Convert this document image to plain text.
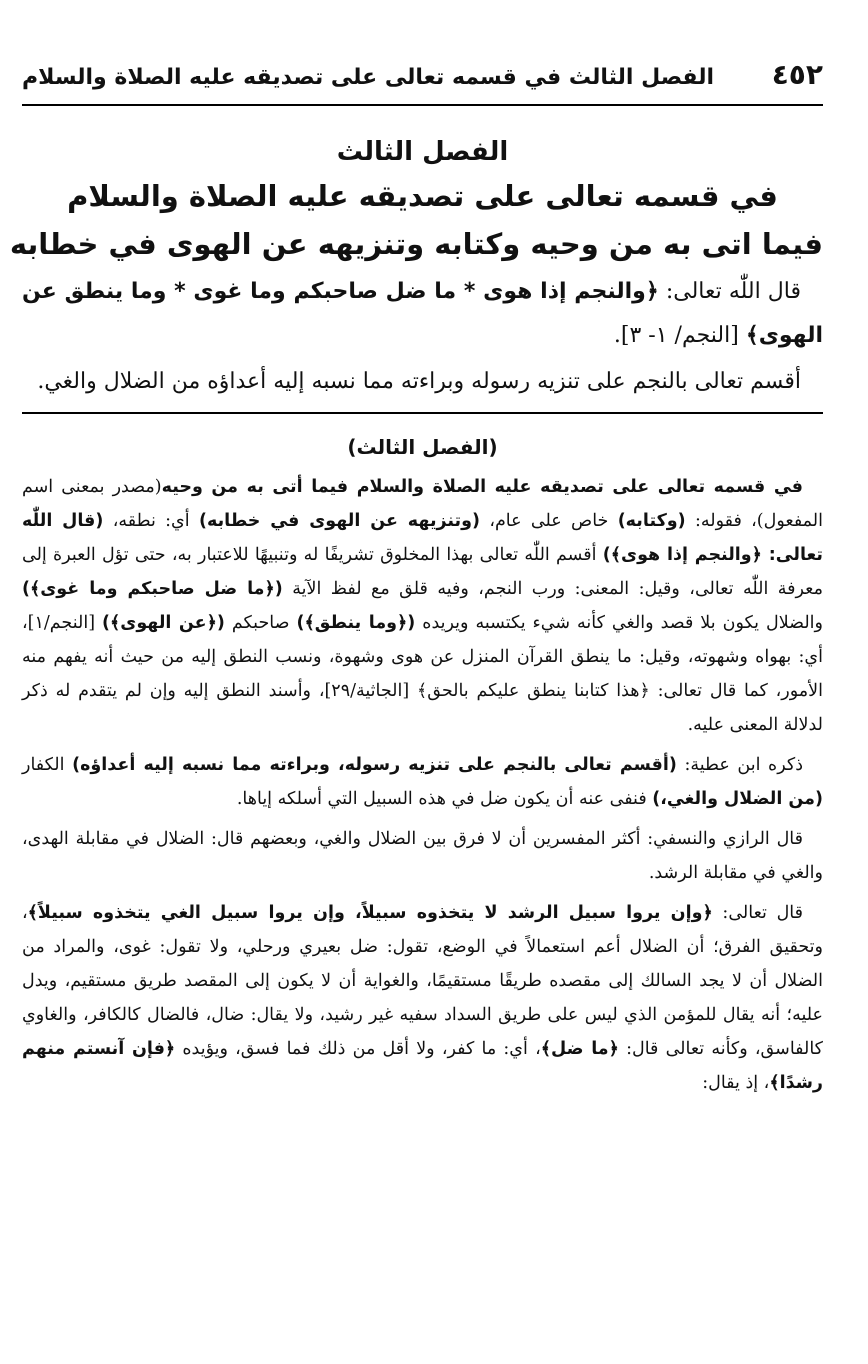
٤٥٢
الفصل الثالث في قسمه تعالى على تصديقه عليه الصلاة والسلام
الفصل الثالث
في قسمه تعالى على تصديقه عليه الصلاة والسلام
فيما اتى به من وحيه وكتابه وتنزيهه عن الهوى في خطابه

قال اللّٰه تعالى: ﴿والنجم إذا هوى * ما ضل صاحبكم وما غوى * وما ينطق عن الهوى﴾ [النجم/ ١- ٣].

أقسم تعالى بالنجم على تنزيه رسوله وبراءته مما نسبه إليه أعداؤه من الضلال والغي.

(الفصل الثالث)

في قسمه تعالى على تصديقه عليه الصلاة والسلام فيما أتى به من وحيه(مصدر بمعنى اسم المفعول)، فقوله: (وكتابه) خاص على عام، (وتنزيهه عن الهوى في خطابه) أي: نطقه، (قال اللّٰه تعالى: ﴿والنجم إذا هوى﴾) أقسم اللّٰه تعالى بهذا المخلوق تشريفًا له وتنبيهًا للاعتبار به، حتى تؤل العبرة إلى معرفة اللّٰه تعالى، وقيل: المعنى: ورب النجم، وفيه قلق مع لفظ الآية (﴿ما ضل صاحبكم وما غوى﴾) والضلال يكون بلا قصد والغي كأنه شيء يكتسبه ويريده (﴿وما ينطق﴾) صاحبكم (﴿عن الهوى﴾) [النجم/١]، أي: بهواه وشهوته، وقيل: ما ينطق القرآن المنزل عن هوى وشهوة، ونسب النطق إليه من حيث أنه يفهم منه الأمور، كما قال تعالى: ﴿هذا كتابنا ينطق عليكم بالحق﴾ [الجاثية/٢٩]، وأسند النطق إليه وإن لم يتقدم له ذكر لدلالة المعنى عليه.

ذكره ابن عطية: (أقسم تعالى بالنجم على تنزيه رسوله، وبراءته مما نسبه إليه أعداؤه) الكفار (من الضلال والغي،) فنفى عنه أن يكون ضل في هذه السبيل التي أسلكه إياها.

قال الرازي والنسفي: أكثر المفسرين أن لا فرق بين الضلال والغي، وبعضهم قال: الضلال في مقابلة الهدى، والغي في مقابلة الرشد.

قال تعالى: ﴿وإن يروا سبيل الرشد لا يتخذوه سبيلاً، وإن يروا سبيل الغي يتخذوه سبيلاً﴾، وتحقيق الفرق؛ أن الضلال أعم استعمالاً في الوضع، تقول: ضل بعيري ورحلي، ولا تقول: غوى، والمراد من الضلال أن لا يجد السالك إلى مقصده طريقًا مستقيمًا، والغواية أن لا يكون إلى المقصد طريق مستقيم، ويدل عليه؛ أنه يقال للمؤمن الذي ليس على طريق السداد سفيه غير رشيد، ولا يقال: ضال، فالضال كالكافر، والغاوي كالفاسق، وكأنه تعالى قال: ﴿ما ضل﴾، أي: ما كفر، ولا أقل من ذلك فما فسق، ويؤيده ﴿فإن آنستم منهم رشدًا﴾، إذ يقال:
